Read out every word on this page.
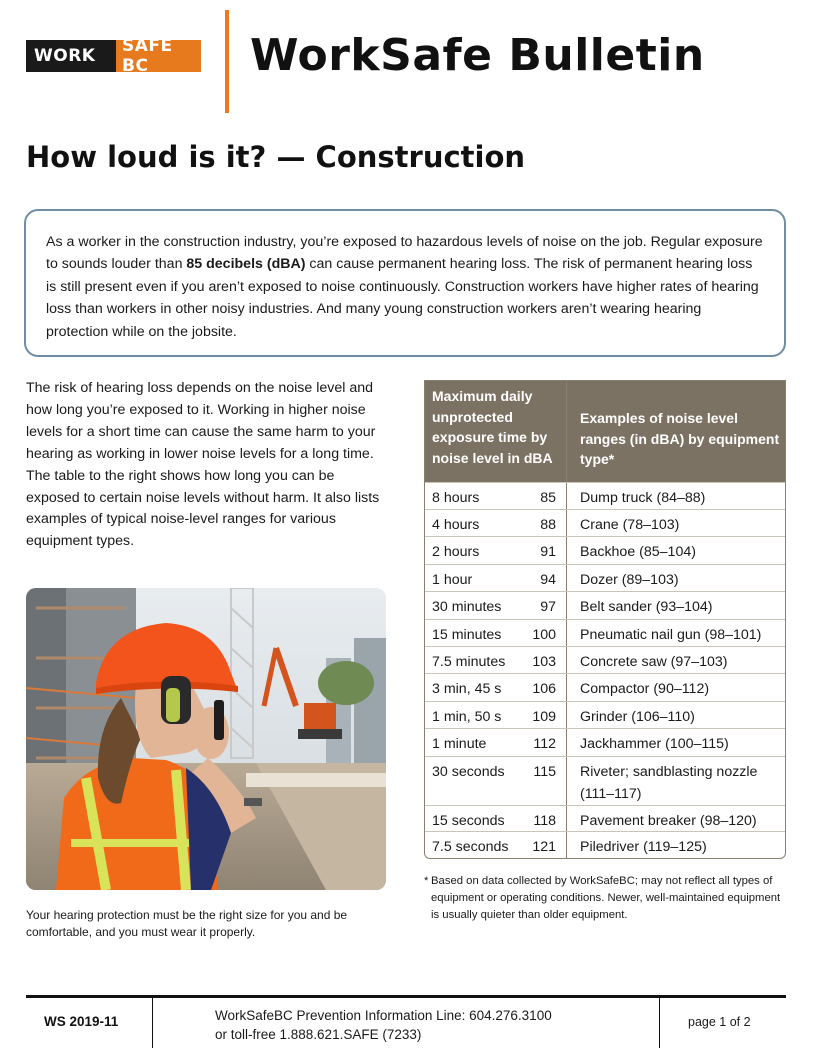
WORK	SAFE BC	WorkSafe Bulletin
How loud is it? — Construction

As a worker in the construction industry, you’re exposed to hazardous levels of noise on the job. Regular exposure to sounds louder than 85 decibels (dBA) can cause permanent hearing loss. The risk of permanent hearing loss is still present even if you aren’t exposed to noise continuously. Construction workers have higher rates of hearing loss than workers in other noisy industries. And many young construction workers aren’t wearing hearing protection while on the jobsite.

The risk of hearing loss depends on the noise level and how long you’re exposed to it. Working in higher noise levels for a short time can cause the same harm to your hearing as working in lower noise levels for a long time. The table to the right shows how long you can be exposed to certain noise levels without harm. It also lists examples of typical noise-level ranges for various equipment types.

Your hearing protection must be the right size for you and be comfortable, and you must wear it properly.

Maximum daily unprotected exposure time by noise level in dBA
Examples of noise level ranges (in dBA) by equipment type*
8 hours	85 Dump truck (84–88)
4 hours	88 Crane (78–103)
2 hours	91 Backhoe (85–104)
1 hour	94 Dozer (89–103)
30 minutes	97 Belt sander (93–104)
15 minutes	100 Pneumatic nail gun (98–101)
7.5 minutes	103 Concrete saw (97–103)
3 min, 45 s	106 Compactor (90–112)
1 min, 50 s	109 Grinder (106–110)
1 minute	112 Jackhammer (100–115)
30 seconds	115 Riveter; sandblasting nozzle (111–117)
15 seconds	118 Pavement breaker (98–120)
7.5 seconds	121 Piledriver (119–125)
* Based on data collected by WorkSafeBC; may not reflect all types of equipment or operating conditions. Newer, well-maintained equipment is usually quieter than older equipment.
WS 2019-11	WorkSafeBC Prevention Information Line: 604.276.3100
or toll-free 1.888.621.SAFE (7233)
page 1 of 2
